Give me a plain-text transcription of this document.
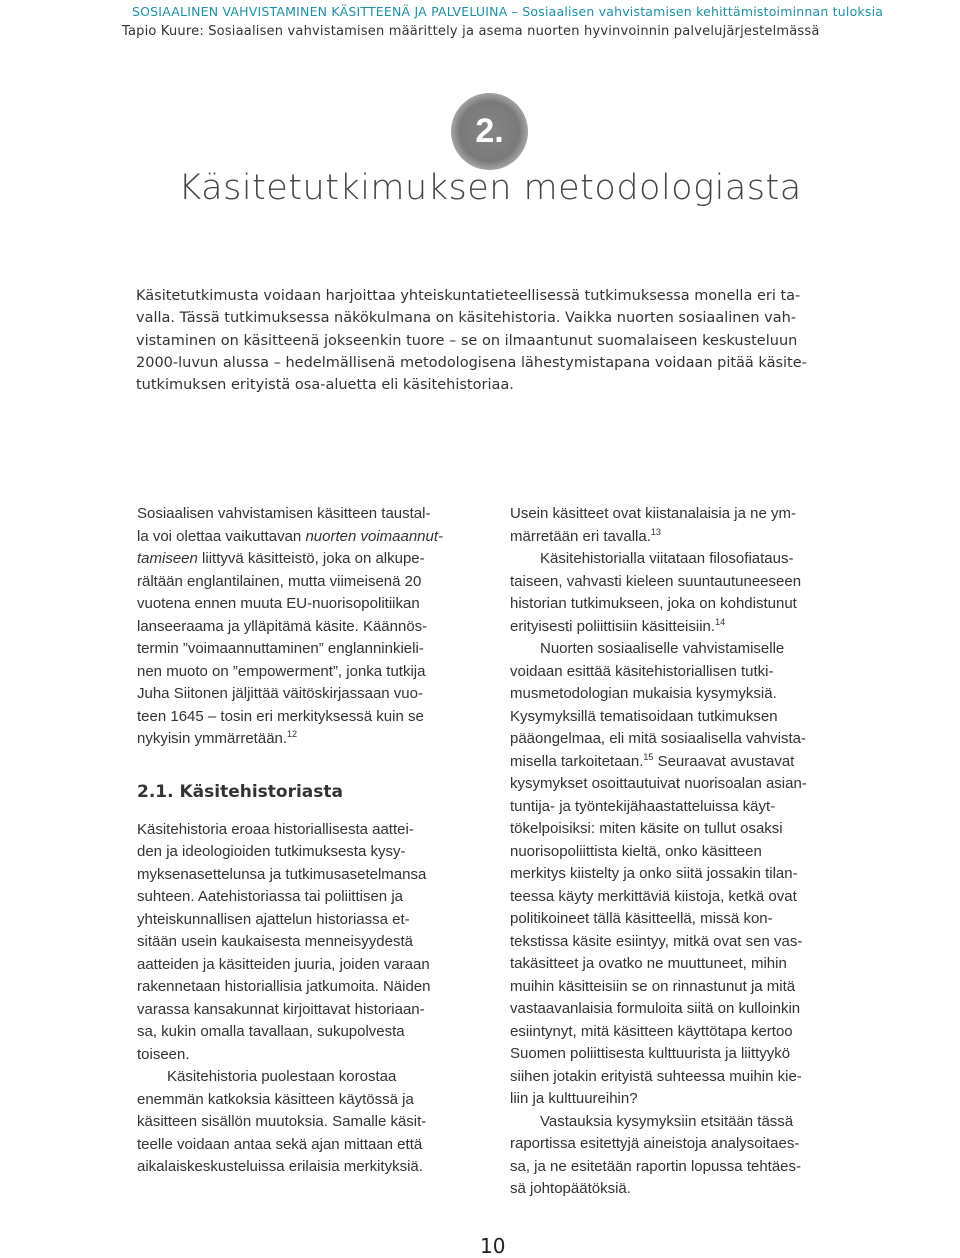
SOSIAALINEN VAHVISTAMINEN KÄSITTEENÄ JA PALVELUINA – Sosiaalisen vahvistamisen kehittämistoiminnan tuloksia
Tapio Kuure: Sosiaalisen vahvistamisen määrittely ja asema nuorten hyvinvoinnin palvelujärjestelmässä
2.
Käsitetutkimuksen metodologiasta
Käsitetutkimusta voidaan harjoittaa yhteiskuntatieteellisessä tutkimuksessa monella eri ta-
valla. Tässä tutkimuksessa näkökulmana on käsitehistoria. Vaikka nuorten sosiaalinen vah-
vistaminen on käsitteenä jokseenkin tuore – se on ilmaantunut suomalaiseen keskusteluun
2000-luvun alussa – hedelmällisenä metodologisena lähestymistapana voidaan pitää käsite-
tutkimuksen erityistä osa-aluetta eli käsitehistoriaa.
Sosiaalisen vahvistamisen käsitteen taustal-
la voi olettaa vaikuttavan nuorten voimaannut-
tamiseen liittyvä käsitteistö, joka on alkupe-
rältään englantilainen, mutta viimeisenä 20
vuotena ennen muuta EU-nuorisopolitiikan
lanseeraama ja ylläpitämä käsite. Käännös-
termin ”voimaannuttaminen” englanninkieli-
nen muoto on ”empowerment”, jonka tutkija
Juha Siitonen jäljittää väitöskirjassaan vuo-
teen 1645 – tosin eri merkityksessä kuin se
nykyisin ymmärretään.$^{12}$
2.1. Käsitehistoriasta
Käsitehistoria eroaa historiallisesta aattei-
den ja ideologioiden tutkimuksesta kysy-
myksenasettelunsa ja tutkimusasetelmansa
suhteen. Aatehistoriassa tai poliittisen ja
yhteiskunnallisen ajattelun historiassa et-
sitään usein kaukaisesta menneisyydestä
aatteiden ja käsitteiden juuria, joiden varaan
rakennetaan historiallisia jatkumoita. Näiden
varassa kansakunnat kirjoittavat historiaan-
sa, kukin omalla tavallaan, sukupolvesta
toiseen.
Käsitehistoria puolestaan korostaa
enemmän katkoksia käsitteen käytössä ja
käsitteen sisällön muutoksia. Samalle käsit-
teelle voidaan antaa sekä ajan mittaan että
aikalaiskeskusteluissa erilaisia merkityksiä.
Usein käsitteet ovat kiistanalaisia ja ne ym-
märretään eri tavalla.$^{13}$
Käsitehistorialla viitataan filosofiataus-
taiseen, vahvasti kieleen suuntautuneeseen
historian tutkimukseen, joka on kohdistunut
erityisesti poliittisiin käsitteisiin.$^{14}$
Nuorten sosiaaliselle vahvistamiselle
voidaan esittää käsitehistoriallisen tutki-
musmetodologian mukaisia kysymyksiä.
Kysymyksillä tematisoidaan tutkimuksen
pääongelmaa, eli mitä sosiaalisella vahvista-
misella tarkoitetaan.$^{15}$ Seuraavat avustavat
kysymykset osoittautuivat nuorisoalan asian-
tuntija- ja työntekijähaastatteluissa käyt-
tökelpoisiksi: miten käsite on tullut osaksi
nuorisopoliittista kieltä, onko käsitteen
merkitys kiistelty ja onko siitä jossakin tilan-
teessa käyty merkittäviä kiistoja, ketkä ovat
politikoineet tällä käsitteellä, missä kon-
tekstissa käsite esiintyy, mitkä ovat sen vas-
takäsitteet ja ovatko ne muuttuneet, mihin
muihin käsitteisiin se on rinnastunut ja mitä
vastaavanlaisia formuloita siitä on kulloinkin
esiintynyt, mitä käsitteen käyttötapa kertoo
Suomen poliittisesta kulttuurista ja liittyykö
siihen jotakin erityistä suhteessa muihin kie-
liin ja kulttuureihin?
Vastauksia kysymyksiin etsitään tässä
raportissa esitettyjä aineistoja analysoitaes-
sa, ja ne esitetään raportin lopussa tehtäes-
sä johtopäätöksiä.
10
